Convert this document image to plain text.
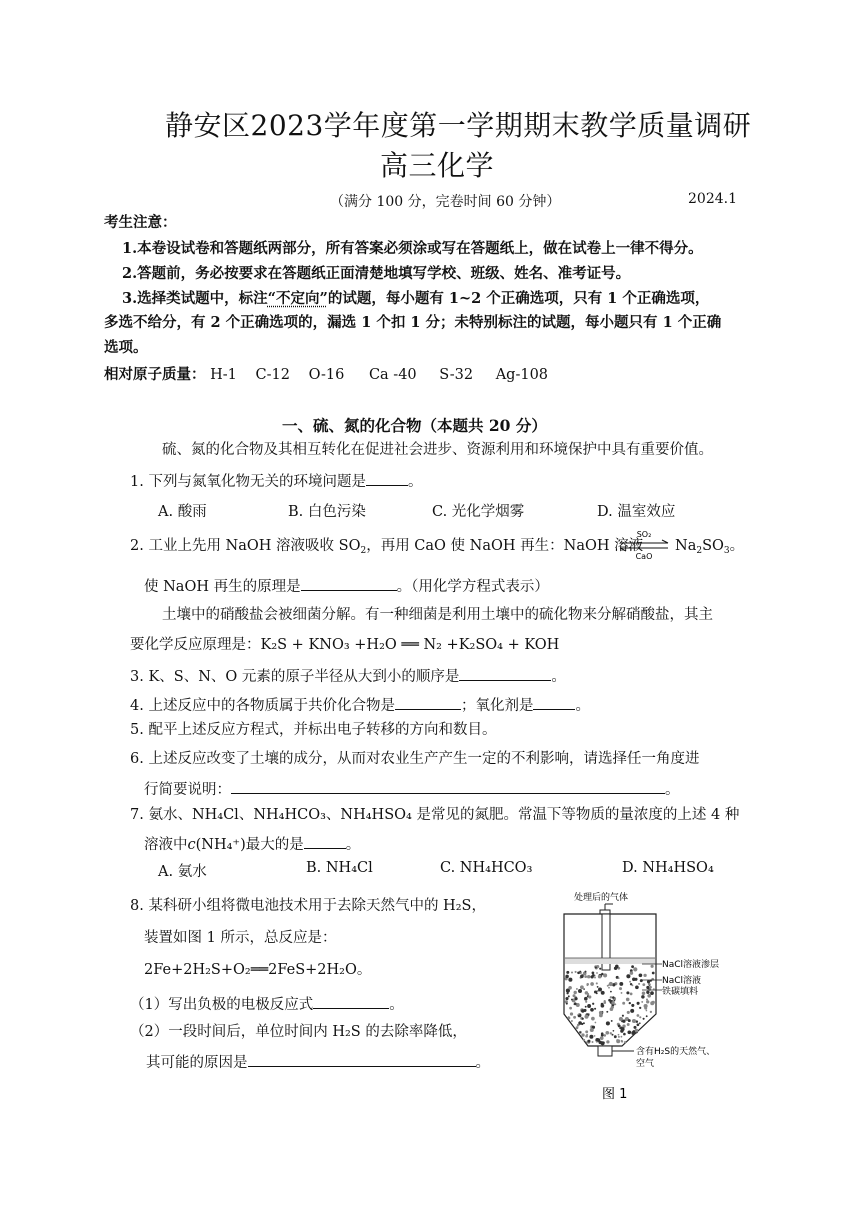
静安区2023学年度第一学期期末教学质量调研
高三化学
（满分 100 分，完卷时间 60 分钟）	2024.1
考生注意：
1.本卷设试卷和答题纸两部分，所有答案必须涂或写在答题纸上，做在试卷上一律不得分。
2.答题前，务必按要求在答题纸正面清楚地填写学校、班级、姓名、准考证号。
3.选择类试题中，标注“不定向”的试题，每小题有 1~2 个正确选项，只有 1 个正确选项，
多选不给分，有 2 个正确选项的，漏选 1 个扣 1 分；未特别标注的试题，每小题只有 1 个正确
选项。
相对原子质量： H-1 C-12 O-16 Ca -40 S-32 Ag-108
一、硫、氮的化合物（本题共 20 分）
硫、氮的化合物及其相互转化在促进社会进步、资源利用和环境保护中具有重要价值。
1. 下列与氮氧化物无关的环境问题是	。
A. 酸雨	B. 白色污染	C. 光化学烟雾	D. 温室效应
2. 工业上先用 NaOH 溶液吸收 $SO_2$，再用 CaO 使 NaOH 再生：NaOH 溶液
SO₂
CaO
$Na_2SO_3$。
使 NaOH 再生的原理是	。（用化学方程式表示）
土壤中的硝酸盐会被细菌分解。有一种细菌是利用土壤中的硫化物来分解硝酸盐，其主
要化学反应原理是：K₂S + KNO₃ +H₂O ══ N₂ +K₂SO₄ + KOH
3. K、S、N、O 元素的原子半径从大到小的顺序是	。
4. 上述反应中的各物质属于共价化合物是	；氧化剂是	。
5. 配平上述反应方程式，并标出电子转移的方向和数目。
6. 上述反应改变了土壤的成分，从而对农业生产产生一定的不利影响，请选择任一角度进
行简要说明：	。
7. 氨水、NH₄Cl、NH₄HCO₃、NH₄HSO₄ 是常见的氮肥。常温下等物质的量浓度的上述 4 种
溶液中c(NH₄⁺)最大的是	。
A. 氨水	B. NH₄Cl	C. NH₄HCO₃	D. NH₄HSO₄
8. 某科研小组将微电池技术用于去除天然气中的 H₂S，
装置如图 1 所示，总反应是：
2Fe+2H₂S+O₂══2FeS+2H₂O。
（1）写出负极的电极反应式	。
（2）一段时间后，单位时间内 H₂S 的去除率降低，
其可能的原因是	。
处理后的气体
NaCl溶液渗层
NaCl溶液
铁碳填料
含有H₂S的天然气、
空气
图 1
